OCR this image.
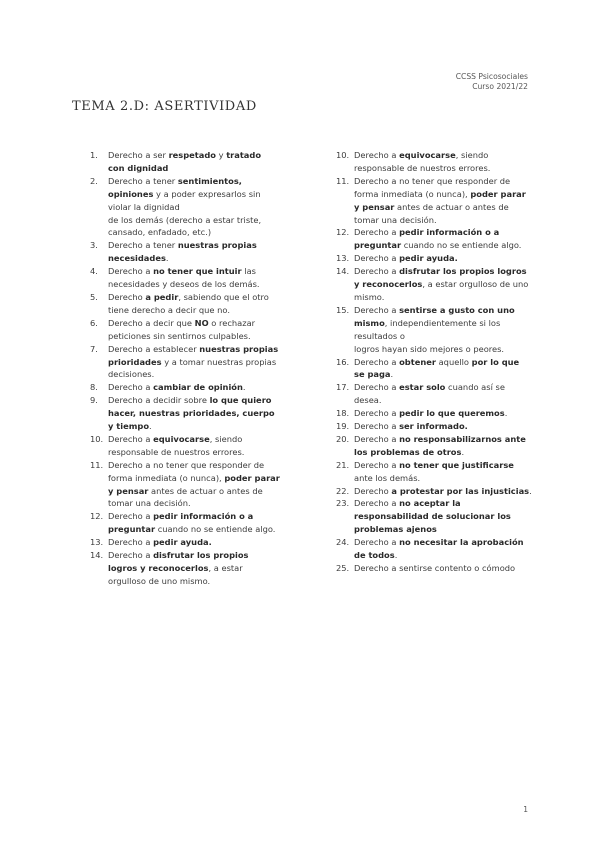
CCSS Psicosociales
Curso 2021/22
TEMA 2.D: ASERTIVIDAD
1. Derecho a ser respetado y tratado con dignidad
2. Derecho a tener sentimientos, opiniones y a poder expresarlos sin violar la dignidad
de los demás (derecho a estar triste, cansado, enfadado, etc.)
3. Derecho a tener nuestras propias necesidades.
4. Derecho a no tener que intuir las necesidades y deseos de los demás.
5. Derecho a pedir, sabiendo que el otro tiene derecho a decir que no.
6. Derecho a decir que NO o rechazar peticiones sin sentirnos culpables.
7. Derecho a establecer nuestras propias prioridades y a tomar nuestras propias decisiones.
8. Derecho a cambiar de opinión.
9. Derecho a decidir sobre lo que quiero hacer, nuestras prioridades, cuerpo y tiempo.
10. Derecho a equivocarse, siendo responsable de nuestros errores.
11. Derecho a no tener que responder de forma inmediata (o nunca), poder parar y pensar antes de actuar o antes de tomar una decisión.
12. Derecho a pedir información o a preguntar cuando no se entiende algo.
13. Derecho a pedir ayuda.
14. Derecho a disfrutar los propios logros y reconocerlos, a estar orgulloso de uno mismo.
10. Derecho a equivocarse, siendo responsable de nuestros errores.
11. Derecho a no tener que responder de forma inmediata (o nunca), poder parar y pensar antes de actuar o antes de tomar una decisión.
12. Derecho a pedir información o a preguntar cuando no se entiende algo.
13. Derecho a pedir ayuda.
14. Derecho a disfrutar los propios logros y reconocerlos, a estar orgulloso de uno mismo.
15. Derecho a sentirse a gusto con uno mismo, independientemente si los resultados o
logros hayan sido mejores o peores.
16. Derecho a obtener aquello por lo que se paga.
17. Derecho a estar solo cuando así se desea.
18. Derecho a pedir lo que queremos.
19. Derecho a ser informado.
20. Derecho a no responsabilizarnos ante los problemas de otros.
21. Derecho a no tener que justificarse ante los demás.
22. Derecho a protestar por las injusticias.
23. Derecho a no aceptar la responsabilidad de solucionar los problemas ajenos
24. Derecho a no necesitar la aprobación de todos.
25. Derecho a sentirse contento o cómodo
1
